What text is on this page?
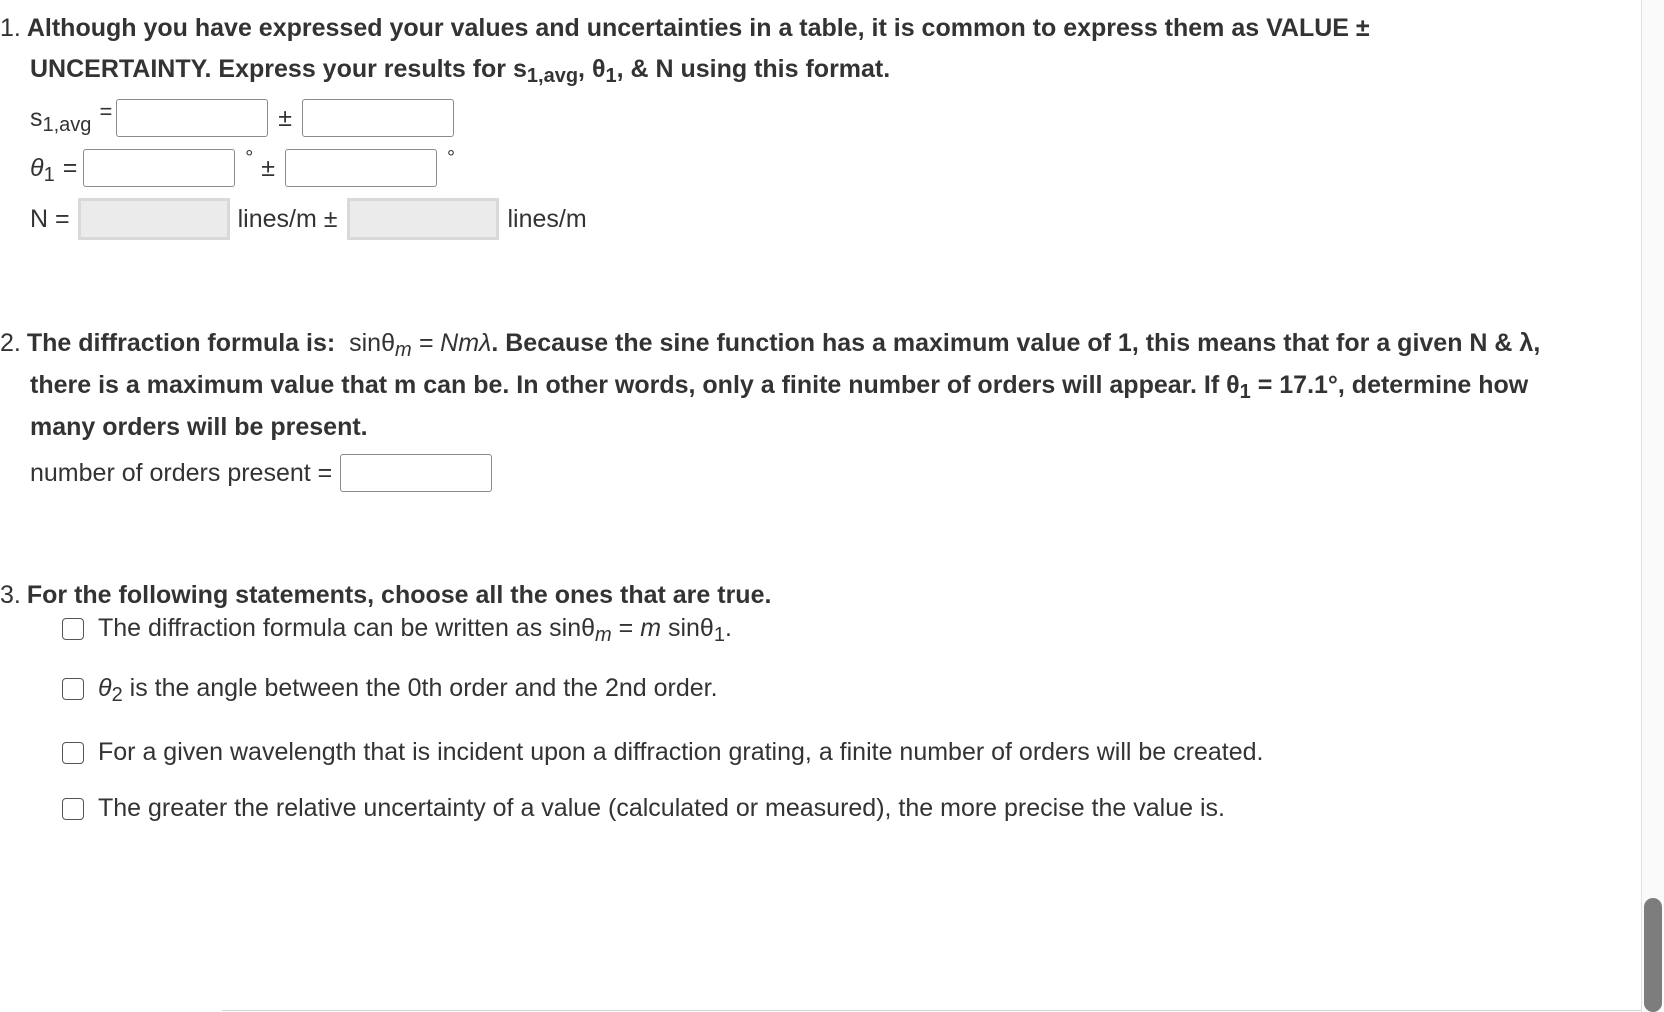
1. Although you have expressed your values and uncertainties in a table, it is common to express them as VALUE ±
UNCERTAINTY. Express your results for $s_{1,avg}$, $\theta_1$, & N using this format.
$s_{1,avg}$
=	±
$\theta_1$ =	° ±	°
N =	lines/m ±	lines/m
2. The diffraction formula is: sinθ$_m$ = Nmλ. Because the sine function has a maximum value of 1, this means that for a given N & λ,
there is a maximum value that m can be. In other words, only a finite number of orders will appear. If $\theta_1 = 17.1^\circ$, determine how
many orders will be present.
number of orders present =
3. For the following statements, choose all the ones that are true.
The diffraction formula can be written as sinθ$_m$ = m sinθ$_1$.
$\theta_2$ is the angle between the 0th order and the 2nd order.
For a given wavelength that is incident upon a diffraction grating, a finite number of orders will be created.
The greater the relative uncertainty of a value (calculated or measured), the more precise the value is.
